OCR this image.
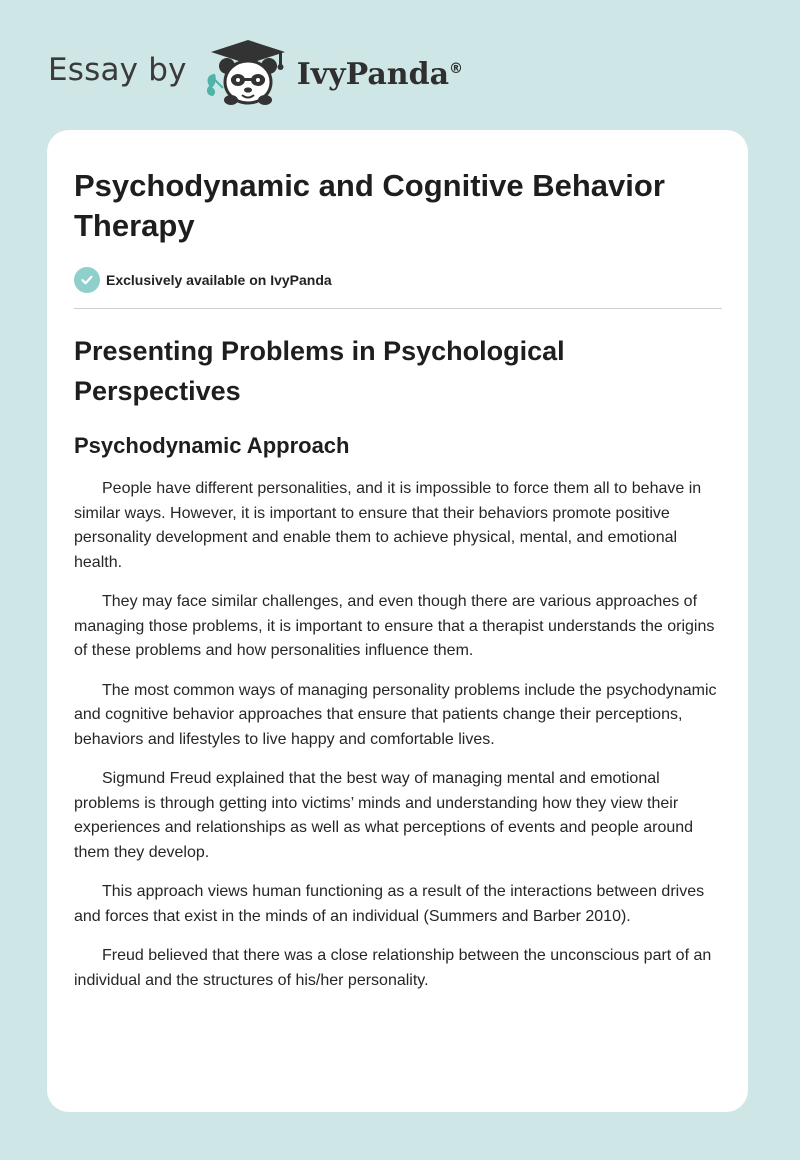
Essay by	IvyPanda®
Psychodynamic and Cognitive Behavior Therapy
Exclusively available on IvyPanda
Presenting Problems in Psychological Perspectives
Psychodynamic Approach

People have different personalities, and it is impossible to force them all to behave in similar ways. However, it is important to ensure that their behaviors promote positive personality development and enable them to achieve physical, mental, and emotional health.

They may face similar challenges, and even though there are various approaches of managing those problems, it is important to ensure that a therapist understands the origins of these problems and how personalities influence them.

The most common ways of managing personality problems include the psychodynamic and cognitive behavior approaches that ensure that patients change their perceptions, behaviors and lifestyles to live happy and comfortable lives.

Sigmund Freud explained that the best way of managing mental and emotional problems is through getting into victims’ minds and understanding how they view their experiences and relationships as well as what perceptions of events and people around them they develop.

This approach views human functioning as a result of the interactions between drives and forces that exist in the minds of an individual (Summers and Barber 2010).

Freud believed that there was a close relationship between the unconscious part of an individual and the structures of his/her personality.
